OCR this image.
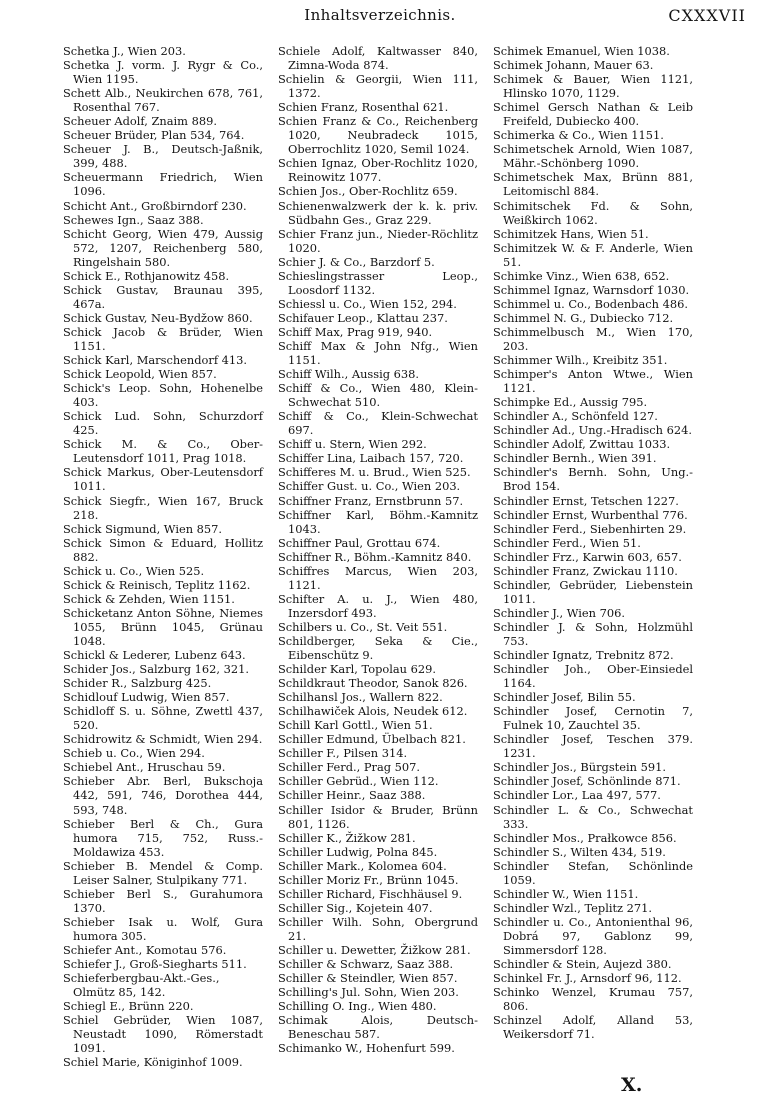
Inhaltsverzeichnis.	CXXXVII

Schetka J., Wien 203.

Schetka J. vorm. J. Rygr & Co., Wien 1195.

Schett Alb., Neukirchen 678, 761, Rosenthal 767.

Scheuer Adolf, Znaim 889.

Scheuer Brüder, Plan 534, 764.

Scheuer J. B., Deutsch-Jaßnik, 399, 488.

Scheuermann Friedrich, Wien 1096.

Schicht Ant., Großbirndorf 230.

Schewes Ign., Saaz 388.

Schicht Georg, Wien 479, Aussig 572, 1207, Reichenberg 580, Ringelshain 580.

Schick E., Rothjanowitz 458.

Schick Gustav, Braunau 395, 467a.

Schick Gustav, Neu-Bydžow 860.

Schick Jacob & Brüder, Wien 1151.

Schick Karl, Marschendorf 413.

Schick Leopold, Wien 857.

Schick's Leop. Sohn, Hohenelbe 403.

Schick Lud. Sohn, Schurzdorf 425.

Schick M. & Co., Ober-Leutensdorf 1011, Prag 1018.

Schick Markus, Ober-Leutensdorf 1011.

Schick Siegfr., Wien 167, Bruck 218.

Schick Sigmund, Wien 857.

Schick Simon & Eduard, Hollitz 882.

Schick u. Co., Wien 525.

Schick & Reinisch, Teplitz 1162.

Schick & Zehden, Wien 1151.

Schicketanz Anton Söhne, Niemes 1055, Brünn 1045, Grünau 1048.

Schickl & Lederer, Lubenz 643.

Schider Jos., Salzburg 162, 321.

Schider R., Salzburg 425.

Schidlouf Ludwig, Wien 857.

Schidloff S. u. Söhne, Zwettl 437, 520.

Schidrowitz & Schmidt, Wien 294.

Schieb u. Co., Wien 294.

Schiebel Ant., Hruschau 59.

Schieber Abr. Berl, Bukschoja 442, 591, 746, Dorothea 444, 593, 748.

Schieber Berl & Ch., Gura humora 715, 752, Russ.-Moldawiza 453.

Schieber B. Mendel & Comp. Leiser Salner, Stulpikany 771.

Schieber Berl S., Gurahumora 1370.

Schieber Isak u. Wolf, Gura humora 305.

Schiefer Ant., Komotau 576.

Schiefer J., Groß-Siegharts 511.

Schieferbergbau-Akt.-Ges., Olmütz 85, 142.

Schiegl E., Brünn 220.

Schiel Gebrüder, Wien 1087, Neustadt 1090, Römerstadt 1091.

Schiel Marie, Königinhof 1009.

Schiele Adolf, Kaltwasser 840, Zimna-Woda 874.

Schielin & Georgii, Wien 111, 1372.

Schien Franz, Rosenthal 621.

Schien Franz & Co., Reichenberg 1020, Neubradeck 1015, Oberrochlitz 1020, Semil 1024.

Schien Ignaz, Ober-Rochlitz 1020, Reinowitz 1077.

Schien Jos., Ober-Rochlitz 659.

Schienenwalzwerk der k. k. priv. Südbahn Ges., Graz 229.

Schier Franz jun., Nieder-Röchlitz 1020.

Schier J. & Co., Barzdorf 5.

Schieslingstrasser Leop., Loosdorf 1132.

Schiessl u. Co., Wien 152, 294.

Schifauer Leop., Klattau 237.

Schiff Max, Prag 919, 940.

Schiff Max & John Nfg., Wien 1151.

Schiff Wilh., Aussig 638.

Schiff & Co., Wien 480, Klein-Schwechat 510.

Schiff & Co., Klein-Schwechat 697.

Schiff u. Stern, Wien 292.

Schiffer Lina, Laibach 157, 720.

Schifferes M. u. Brud., Wien 525.

Schiffer Gust. u. Co., Wien 203.

Schiffner Franz, Ernstbrunn 57.

Schiffner Karl, Böhm.-Kamnitz 1043.

Schiffner Paul, Grottau 674.

Schiffner R., Böhm.-Kamnitz 840.

Schiffres Marcus, Wien 203, 1121.

Schifter A. u. J., Wien 480, Inzersdorf 493.

Schilbers u. Co., St. Veit 551.

Schildberger, Seka & Cie., Eibenschütz 9.

Schilder Karl, Topolau 629.

Schildkraut Theodor, Sanok 826.

Schilhansl Jos., Wallern 822.

Schilhawiček Alois, Neudek 612.

Schill Karl Gottl., Wien 51.

Schiller Edmund, Übelbach 821.

Schiller F., Pilsen 314.

Schiller Ferd., Prag 507.

Schiller Gebrüd., Wien 112.

Schiller Heinr., Saaz 388.

Schiller Isidor & Bruder, Brünn 801, 1126.

Schiller K., Žižkow 281.

Schiller Ludwig, Polna 845.

Schiller Mark., Kolomea 604.

Schiller Moriz Fr., Brünn 1045.

Schiller Richard, Fischhäusel 9.

Schiller Sig., Kojetein 407.

Schiller Wilh. Sohn, Obergrund 21.

Schiller u. Dewetter, Žižkow 281.

Schiller & Schwarz, Saaz 388.

Schiller & Steindler, Wien 857.

Schilling's Jul. Sohn, Wien 203.

Schilling O. Ing., Wien 480.

Schimak Alois, Deutsch-Beneschau 587.

Schimanko W., Hohenfurt 599.

Schimek Emanuel, Wien 1038.

Schimek Johann, Mauer 63.

Schimek & Bauer, Wien 1121, Hlinsko 1070, 1129.

Schimel Gersch Nathan & Leib Freifeld, Dubiecko 400.

Schimerka & Co., Wien 1151.

Schimetschek Arnold, Wien 1087, Mähr.-Schönberg 1090.

Schimetschek Max, Brünn 881, Leitomischl 884.

Schimitschek Fd. & Sohn, Weißkirch 1062.

Schimitzek Hans, Wien 51.

Schimitzek W. & F. Anderle, Wien 51.

Schimke Vinz., Wien 638, 652.

Schimmel Ignaz, Warnsdorf 1030.

Schimmel u. Co., Bodenbach 486.

Schimmel N. G., Dubiecko 712.

Schimmelbusch M., Wien 170, 203.

Schimmer Wilh., Kreibitz 351.

Schimper's Anton Wtwe., Wien 1121.

Schimpke Ed., Aussig 795.

Schindler A., Schönfeld 127.

Schindler Ad., Ung.-Hradisch 624.

Schindler Adolf, Zwittau 1033.

Schindler Bernh., Wien 391.

Schindler's Bernh. Sohn, Ung.-Brod 154.

Schindler Ernst, Tetschen 1227.

Schindler Ernst, Wurbenthal 776.

Schindler Ferd., Siebenhirten 29.

Schindler Ferd., Wien 51.

Schindler Frz., Karwin 603, 657.

Schindler Franz, Zwickau 1110.

Schindler, Gebrüder, Liebenstein 1011.

Schindler J., Wien 706.

Schindler J. & Sohn, Holzmühl 753.

Schindler Ignatz, Trebnitz 872.

Schindler Joh., Ober-Einsiedel 1164.

Schindler Josef, Bilin 55.

Schindler Josef, Cernotin 7, Fulnek 10, Zauchtel 35.

Schindler Josef, Teschen 379. 1231.

Schindler Jos., Bürgstein 591.

Schindler Josef, Schönlinde 871.

Schindler Lor., Laa 497, 577.

Schindler L. & Co., Schwechat 333.

Schindler Mos., Prałkowce 856.

Schindler S., Wilten 434, 519.

Schindler Stefan, Schönlinde 1059.

Schindler W., Wien 1151.

Schindler Wzl., Teplitz 271.

Schindler u. Co., Antonienthal 96, Dobrá 97, Gablonz 99, Simmersdorf 128.

Schindler & Stein, Aujezd 380.

Schinkel Fr. J., Arnsdorf 96, 112.

Schinko Wenzel, Krumau 757, 806.

Schinzel Adolf, Alland 53, Weikersdorf 71.

X.
